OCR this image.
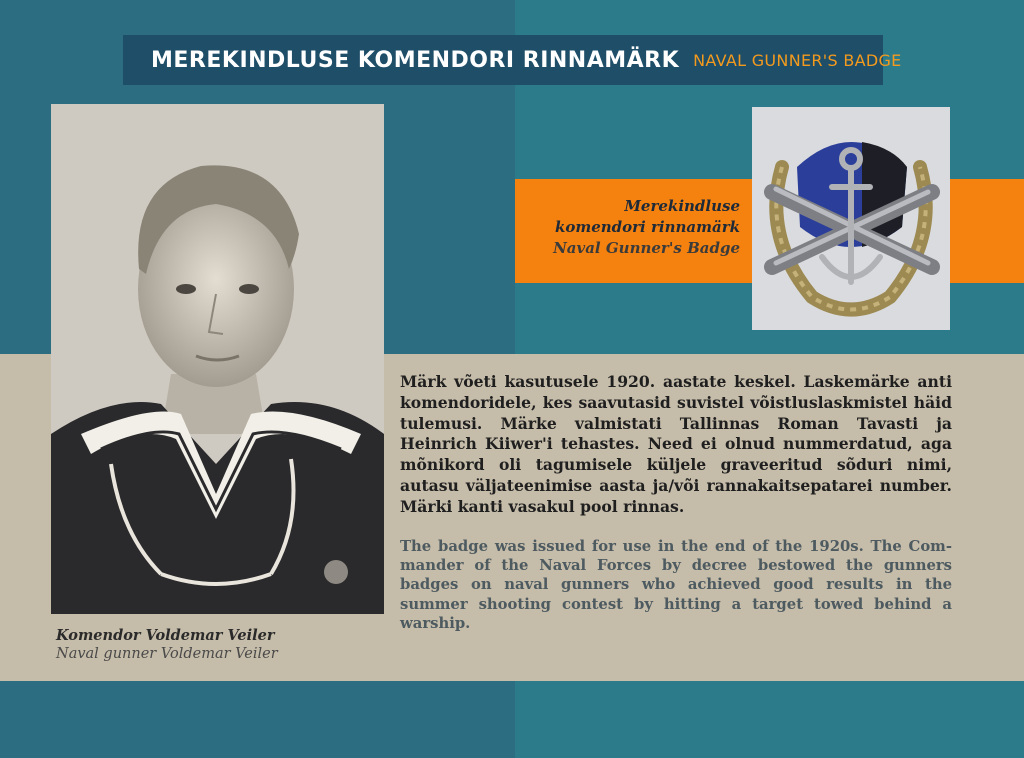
MEREKINDLUSE KOMENDORI RINNAMÄRK NAVAL GUNNER'S BADGE
Merekindluse
komendori rinnamärk
Naval Gunner's Badge
Komendor Voldemar Veiler
Naval gunner Voldemar Veiler
Märk võeti kasutusele 1920. aastate keskel. Laskemärke anti komendoridele, kes saavutasid suvistel võistluslaskmistel häid tulemusi. Märke valmistati Tallinnas Roman Tavasti ja Heinrich Kiiwer'i tehastes. Need ei olnud nummerdatud, aga mõnikord oli tagumisele küljele graveeritud sõduri nimi, autasu väljateenimise aasta ja/või rannakaitsepatarei number. Märki kanti vasakul pool rinnas.
The badge was issued for use in the end of the 1920s. The Commander of the Naval Forces by decree bestowed the gunners badges on naval gunners who achieved good results in the summer shooting contest by hitting a target towed behind a warship.
